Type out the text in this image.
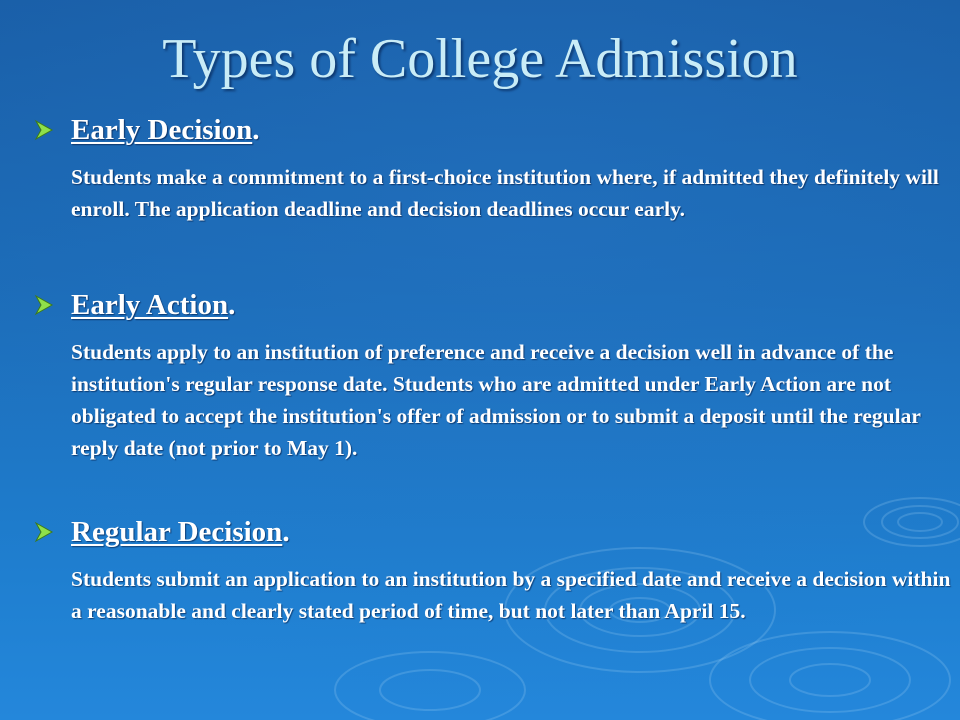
Types of College Admission
Early Decision.
Students make a commitment to a first-choice institution where, if admitted they definitely will enroll. The application deadline and decision deadlines occur early.
Early Action.
Students apply to an institution of preference and receive a decision well in advance of the institution's regular response date. Students who are admitted under Early Action are not obligated to accept the institution's offer of admission or to submit a deposit until the regular reply date (not prior to May 1).
Regular Decision.
Students submit an application to an institution by a specified date and receive a decision within a reasonable and clearly stated period of time, but not later than April 15.
